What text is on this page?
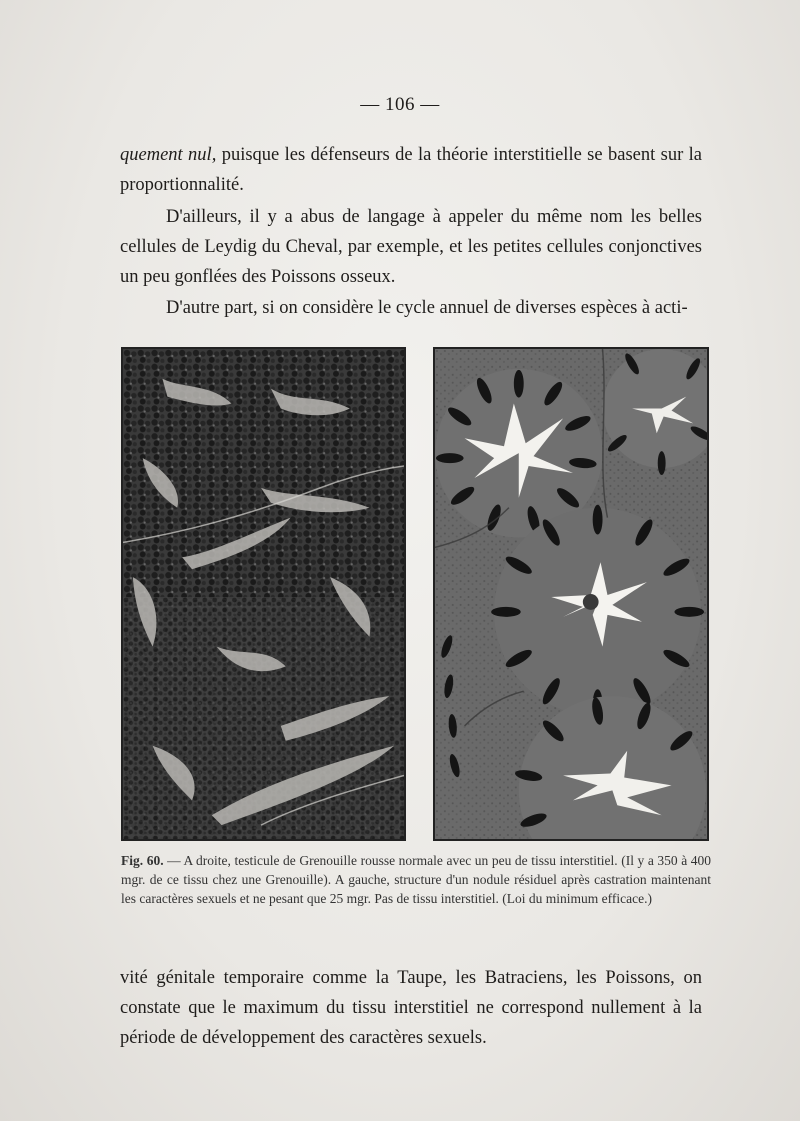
— 106 —

quement nul, puisque les défenseurs de la théorie interstitielle se basent sur la proportionnalité.

D'ailleurs, il y a abus de langage à appeler du même nom les belles cellules de Leydig du Cheval, par exemple, et les petites cellules conjonctives un peu gonflées des Poissons osseux.

D'autre part, si on considère le cycle annuel de diverses espèces à acti-

Fig. 60. — A droite, testicule de Grenouille rousse normale avec un peu de tissu interstitiel. (Il y a 350 à 400 mgr. de ce tissu chez une Grenouille). A gauche, structure d'un nodule résiduel après castration maintenant les caractères sexuels et ne pesant que 25 mgr. Pas de tissu interstitiel. (Loi du minimum efficace.)

vité génitale temporaire comme la Taupe, les Batraciens, les Poissons, on constate que le maximum du tissu interstitiel ne correspond nullement à la période de développement des caractères sexuels.
